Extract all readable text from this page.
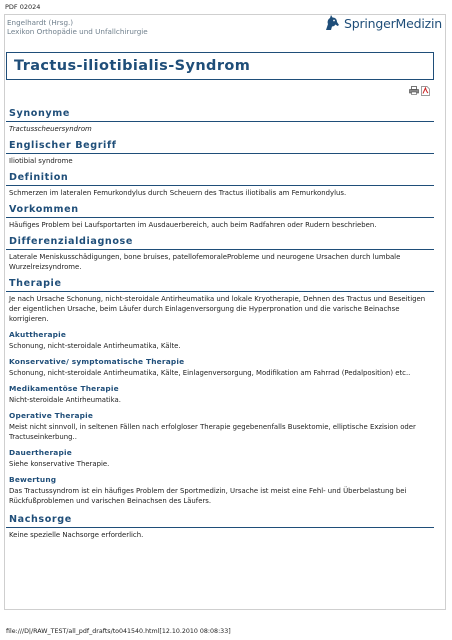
PDF 02024
Engelhardt (Hrsg.)
Lexikon Orthopädie und Unfallchirurgie
SpringerMedizin
Tractus-iliotibialis-Syndrom
Synonyme

Tractusscheuersyndrom

Englischer Begriff

Iliotibial syndrome

Definition

Schmerzen im lateralen Femurkondylus durch Scheuern des Tractus iliotibalis am Femurkondylus.

Vorkommen

Häufiges Problem bei Laufsportarten im Ausdauerbereich, auch beim Radfahren oder Rudern beschrieben.

Differenzialdiagnose

Laterale Meniskusschädigungen, bone bruises, patellofemoraleProbleme und neurogene Ursachen durch lumbale Wurzelreizsyndrome.

Therapie

Je nach Ursache Schonung, nicht-steroidale Antirheumatika und lokale Kryotherapie, Dehnen des Tractus und Beseitigen der eigentlichen Ursache, beim Läufer durch Einlagenversorgung die Hyperpronation und die varische Beinachse korrigieren.

Akuttherapie

Schonung, nicht-steroidale Antirheumatika, Kälte.

Konservative/ symptomatische Therapie

Schonung, nicht-steroidale Antirheumatika, Kälte, Einlagenversorgung, Modifikation am Fahrrad (Pedalposition) etc..

Medikamentöse Therapie

Nicht-steroidale Antirheumatika.

Operative Therapie

Meist nicht sinnvoll, in seltenen Fällen nach erfolgloser Therapie gegebenenfalls Busektomie, elliptische Exzision oder Tractuseinkerbung..

Dauertherapie

Siehe konservative Therapie.

Bewertung

Das Tractussyndrom ist ein häufiges Problem der Sportmedizin, Ursache ist meist eine Fehl- und Überbelastung bei Rückfußproblemen und varischen Beinachsen des Läufers.

Nachsorge

Keine spezielle Nachsorge erforderlich.

file:///D|/RAW_TEST/all_pdf_drafts/to041540.html[12.10.2010 08:08:33]
